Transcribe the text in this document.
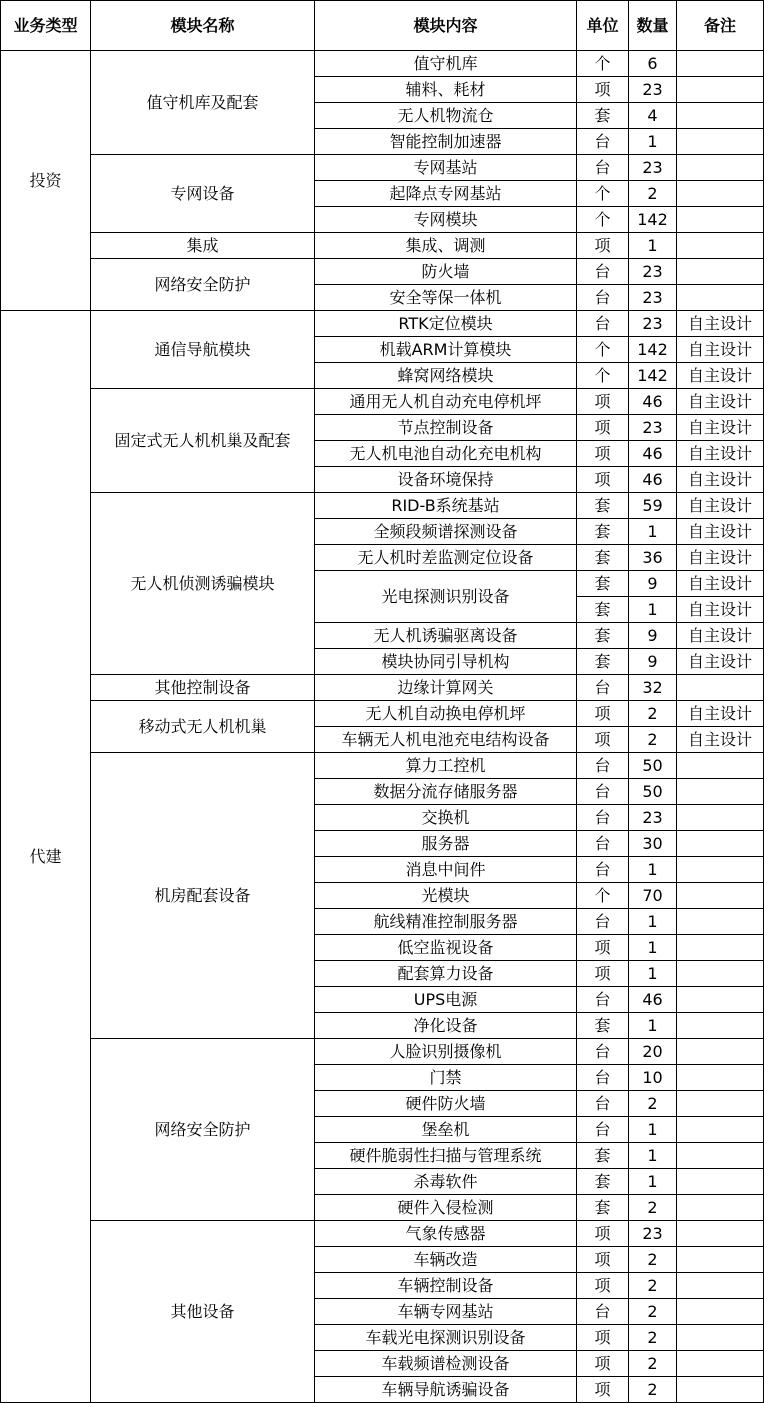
业务类型	模块名称	模块内容	单位	数量	备注
投资	值守机库及配套	值守机库	个	6	
		辅料、耗材	项	23	
		无人机物流仓	套	4	
		智能控制加速器	台	1	
	专网设备	专网基站	台	23	
		起降点专网基站	个	2	
		专网模块	个	142	
	集成	集成、调测	项	1	
	网络安全防护	防火墙	台	23	
		安全等保一体机	台	23	
代建	通信导航模块	RTK定位模块	台	23	自主设计
		机载ARM计算模块	个	142	自主设计
		蜂窝网络模块	个	142	自主设计
	固定式无人机机巢及配套	通用无人机自动充电停机坪	项	46	自主设计
		节点控制设备	项	23	自主设计
		无人机电池自动化充电机构	项	46	自主设计
		设备环境保持	项	46	自主设计
	无人机侦测诱骗模块	RID-B系统基站	套	59	自主设计
		全频段频谱探测设备	套	1	自主设计
		无人机时差监测定位设备	套	36	自主设计
		光电探测识别设备	套	9	自主设计
			套	1	自主设计
		无人机诱骗驱离设备	套	9	自主设计
		模块协同引导机构	套	9	自主设计
	其他控制设备	边缘计算网关	台	32	
	移动式无人机机巢	无人机自动换电停机坪	项	2	自主设计
		车辆无人机电池充电结构设备	项	2	自主设计
	机房配套设备	算力工控机	台	50	
		数据分流存储服务器	台	50	
		交换机	台	23	
		服务器	台	30	
		消息中间件	台	1	
		光模块	个	70	
		航线精准控制服务器	台	1	
		低空监视设备	项	1	
		配套算力设备	项	1	
		UPS电源	台	46	
		净化设备	套	1	
	网络安全防护	人脸识别摄像机	台	20	
		门禁	台	10	
		硬件防火墙	台	2	
		堡垒机	台	1	
		硬件脆弱性扫描与管理系统	套	1	
		杀毒软件	套	1	
		硬件入侵检测	套	2	
	其他设备	气象传感器	项	23	
		车辆改造	项	2	
		车辆控制设备	项	2	
		车辆专网基站	台	2	
		车载光电探测识别设备	项	2	
		车载频谱检测设备	项	2	
		车辆导航诱骗设备	项	2	
